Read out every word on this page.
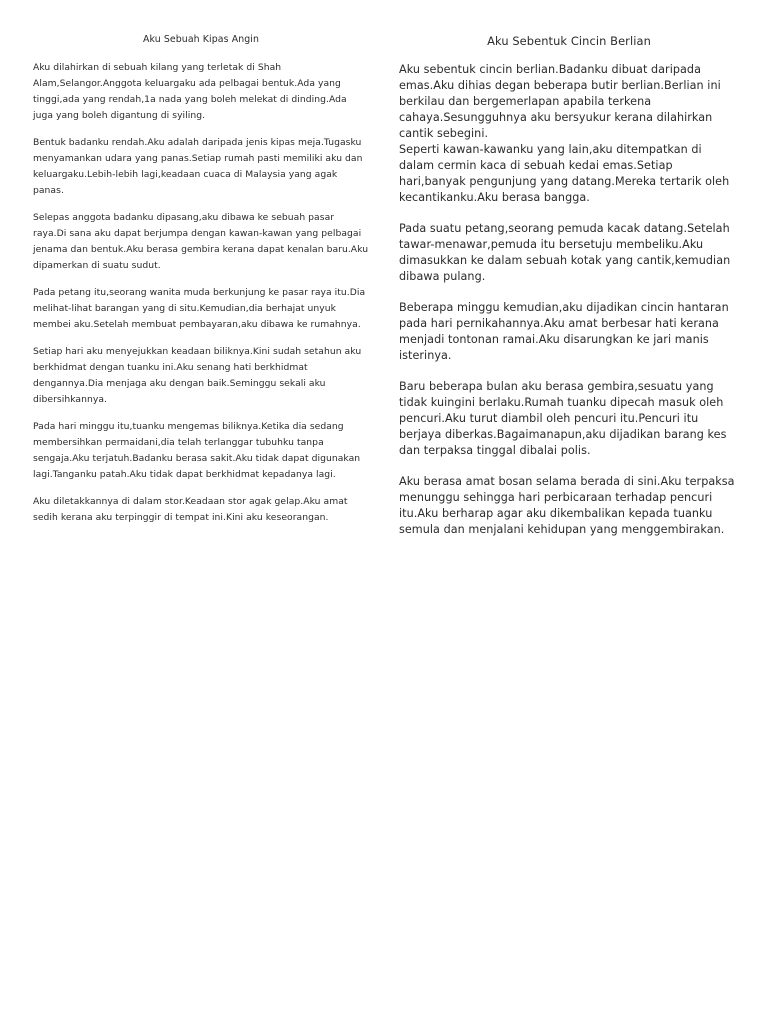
Aku Sebuah Kipas Angin

Aku dilahirkan di sebuah kilang yang terletak di Shah Alam,Selangor.Anggota keluargaku ada pelbagai bentuk.Ada yang tinggi,ada yang rendah,1a nada yang boleh melekat di dinding.Ada juga yang boleh digantung di syiling.

Bentuk badanku rendah.Aku adalah daripada jenis kipas meja.Tugasku menyamankan udara yang panas.Setiap rumah pasti memiliki aku dan keluargaku.Lebih-lebih lagi,keadaan cuaca di Malaysia yang agak panas.

Selepas anggota badanku dipasang,aku dibawa ke sebuah pasar raya.Di sana aku dapat berjumpa dengan kawan-kawan yang pelbagai jenama dan bentuk.Aku berasa gembira kerana dapat kenalan baru.Aku dipamerkan di suatu sudut.

Pada petang itu,seorang wanita muda berkunjung ke pasar raya itu.Dia melihat-lihat barangan yang di situ.Kemudian,dia berhajat unyuk membei aku.Setelah membuat pembayaran,aku dibawa ke rumahnya.

Setiap hari aku menyejukkan keadaan biliknya.Kini sudah setahun aku berkhidmat dengan tuanku ini.Aku senang hati berkhidmat dengannya.Dia menjaga aku dengan baik.Seminggu sekali aku dibersihkannya.

Pada hari minggu itu,tuanku mengemas biliknya.Ketika dia sedang membersihkan permaidani,dia telah terlanggar tubuhku tanpa sengaja.Aku terjatuh.Badanku berasa sakit.Aku tidak dapat digunakan lagi.Tanganku patah.Aku tidak dapat berkhidmat kepadanya lagi.

Aku diletakkannya di dalam stor.Keadaan stor agak gelap.Aku amat sedih kerana aku terpinggir di tempat ini.Kini aku keseorangan.

Aku Sebentuk Cincin Berlian

Aku sebentuk cincin berlian.Badanku dibuat daripada emas.Aku dihias degan beberapa butir berlian.Berlian ini berkilau dan bergemerlapan apabila terkena cahaya.Sesungguhnya aku bersyukur kerana dilahirkan cantik sebegini.

Seperti kawan-kawanku yang lain,aku ditempatkan di dalam cermin kaca di sebuah kedai emas.Setiap hari,banyak pengunjung yang datang.Mereka tertarik oleh kecantikanku.Aku berasa bangga.

Pada suatu petang,seorang pemuda kacak datang.Setelah tawar-menawar,pemuda itu bersetuju membeliku.Aku dimasukkan ke dalam sebuah kotak yang cantik,kemudian dibawa pulang.

Beberapa minggu kemudian,aku dijadikan cincin hantaran pada hari pernikahannya.Aku amat berbesar hati kerana menjadi tontonan ramai.Aku disarungkan ke jari manis isterinya.

Baru beberapa bulan aku berasa gembira,sesuatu yang tidak kuingini berlaku.Rumah tuanku dipecah masuk oleh pencuri.Aku turut diambil oleh pencuri itu.Pencuri itu berjaya diberkas.Bagaimanapun,aku dijadikan barang kes dan terpaksa tinggal dibalai polis.

Aku berasa amat bosan selama berada di sini.Aku terpaksa menunggu sehingga hari perbicaraan terhadap pencuri itu.Aku berharap agar aku dikembalikan kepada tuanku semula dan menjalani kehidupan yang menggembirakan.
